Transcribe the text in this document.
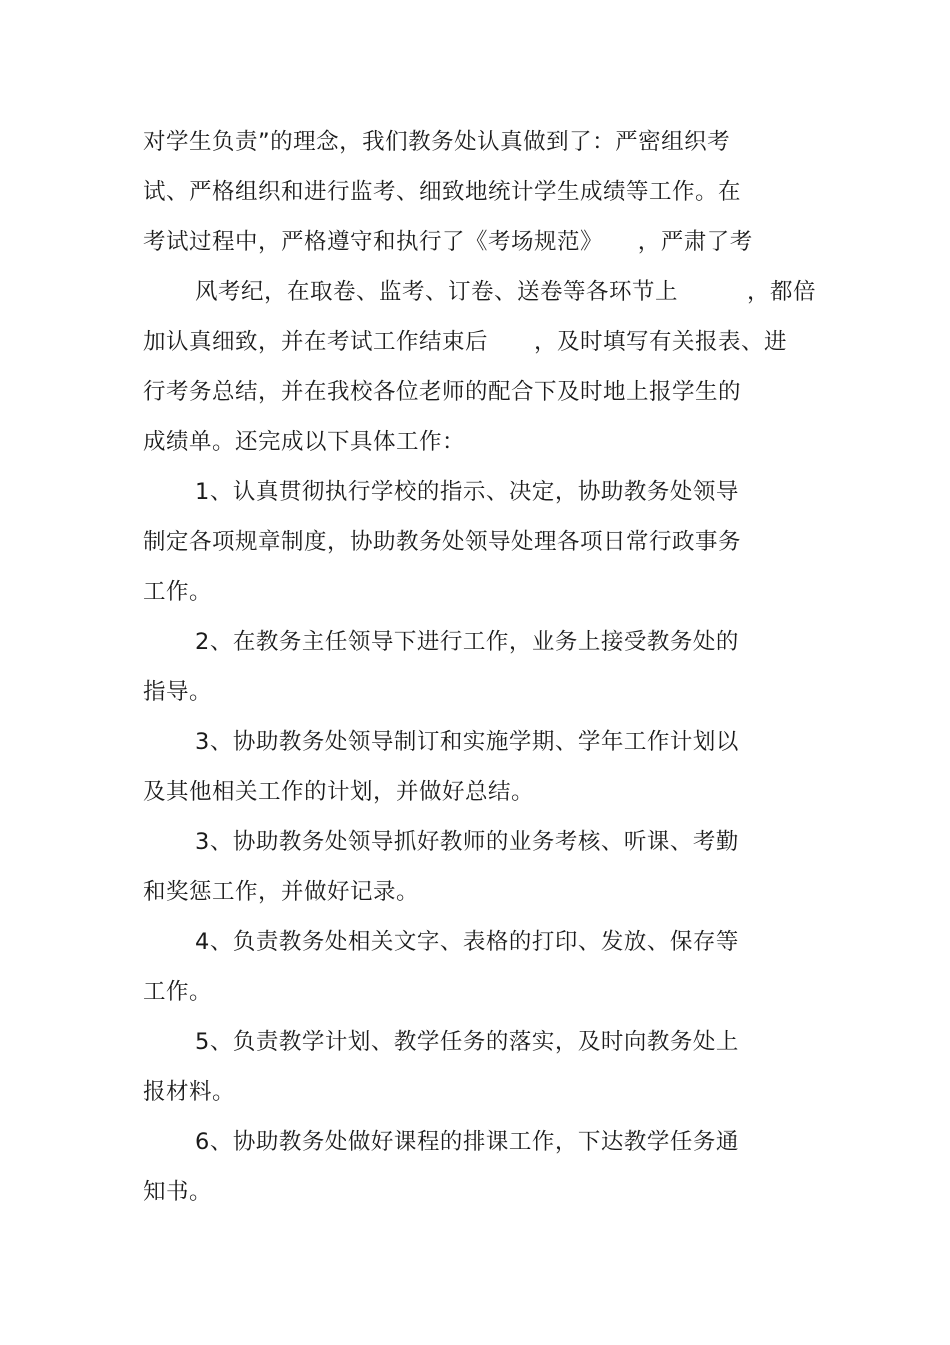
对学生负责”的理念，我们教务处认真做到了：严密组织考
试、严格组织和进行监考、细致地统计学生成绩等工作。在
考试过程中，严格遵守和执行了《考场规范》　　，严肃了考
风考纪，在取卷、监考、订卷、送卷等各环节上　　　，都倍
加认真细致，并在考试工作结束后　　，及时填写有关报表、进
行考务总结，并在我校各位老师的配合下及时地上报学生的
成绩单。还完成以下具体工作：
1、认真贯彻执行学校的指示、决定，协助教务处领导
制定各项规章制度，协助教务处领导处理各项日常行政事务
工作。
2、在教务主任领导下进行工作，业务上接受教务处的
指导。
3、协助教务处领导制订和实施学期、学年工作计划以
及其他相关工作的计划，并做好总结。
3、协助教务处领导抓好教师的业务考核、听课、考勤
和奖惩工作，并做好记录。
4、负责教务处相关文字、表格的打印、发放、保存等
工作。
5、负责教学计划、教学任务的落实，及时向教务处上
报材料。
6、协助教务处做好课程的排课工作，下达教学任务通
知书。
